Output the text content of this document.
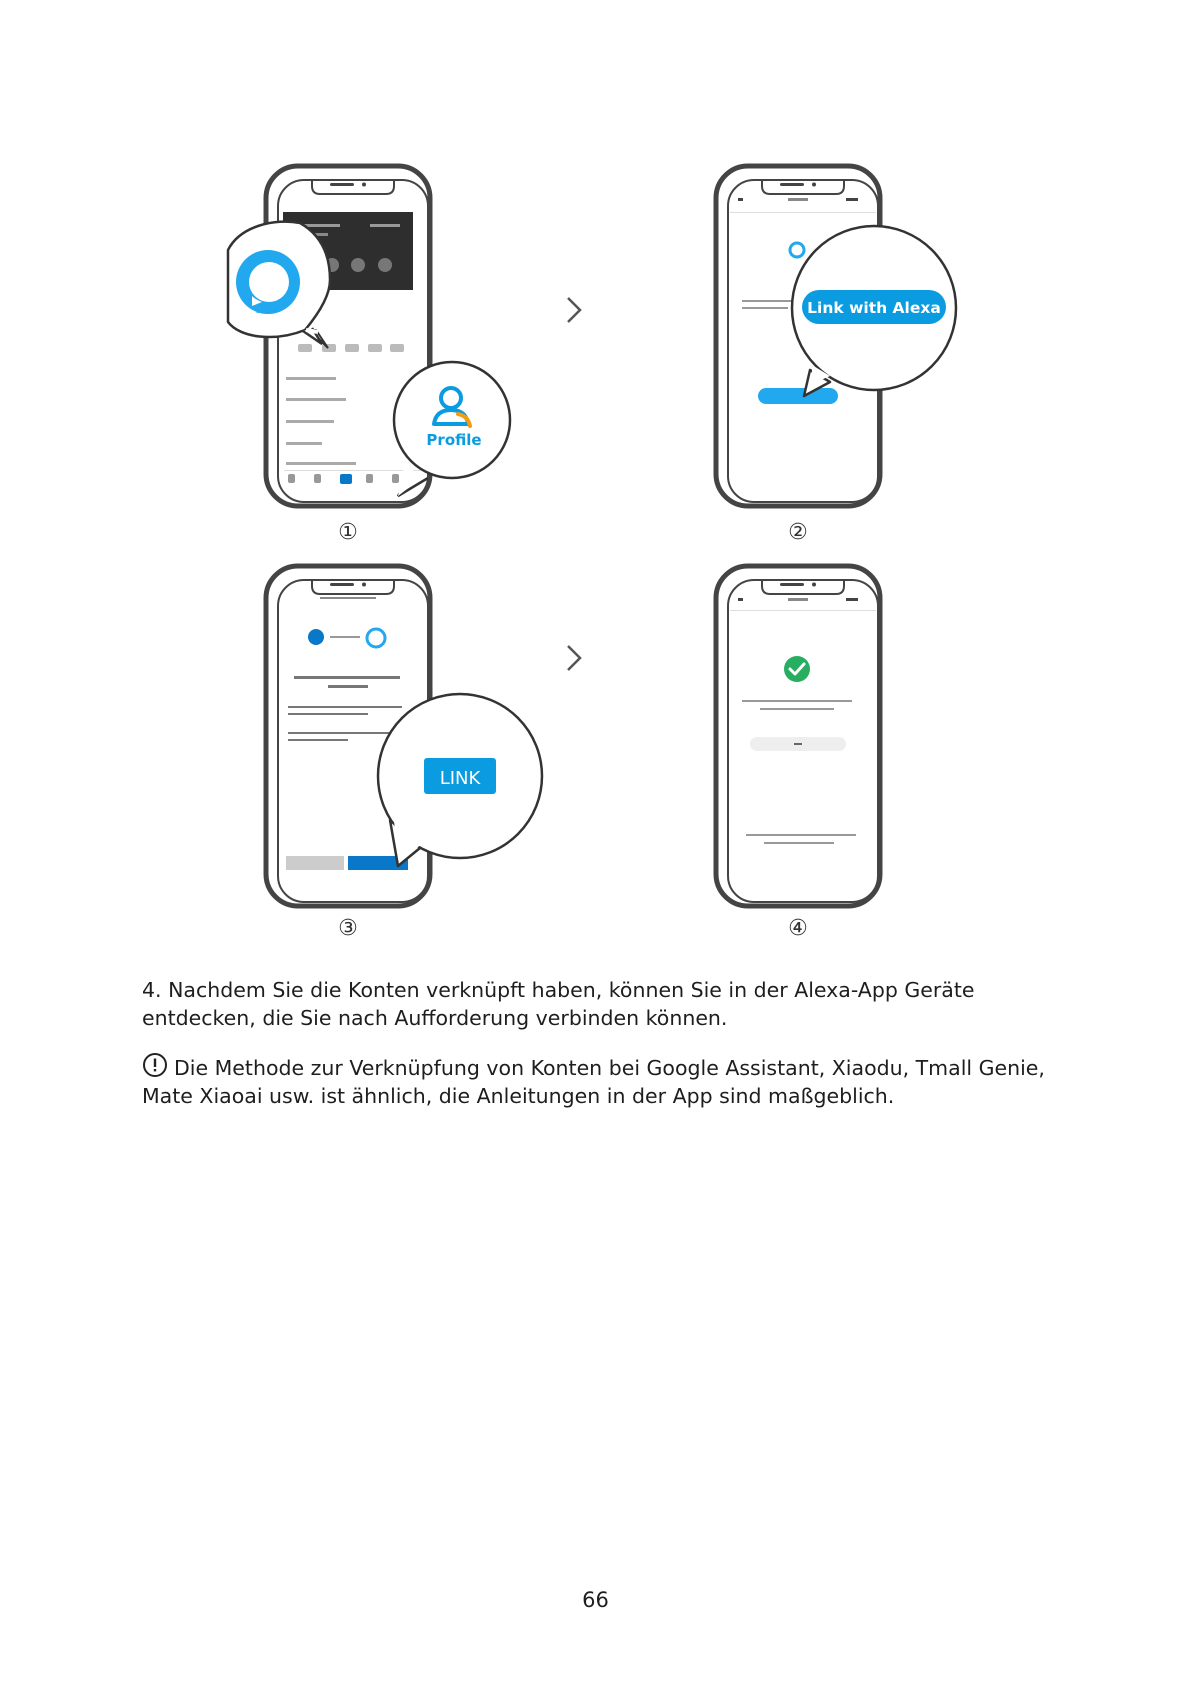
Profile
①
Link with Alexa
②
LINK
③	④

4. Nachdem Sie die Konten verknüpft haben, können Sie in der Alexa-App Geräte entdecken, die Sie nach Aufforderung verbinden können.

Die Methode zur Verknüpfung von Konten bei Google Assistant, Xiaodu, Tmall Genie, Mate Xiaoai usw. ist ähnlich, die Anleitungen in der App sind maßgeblich.

66
